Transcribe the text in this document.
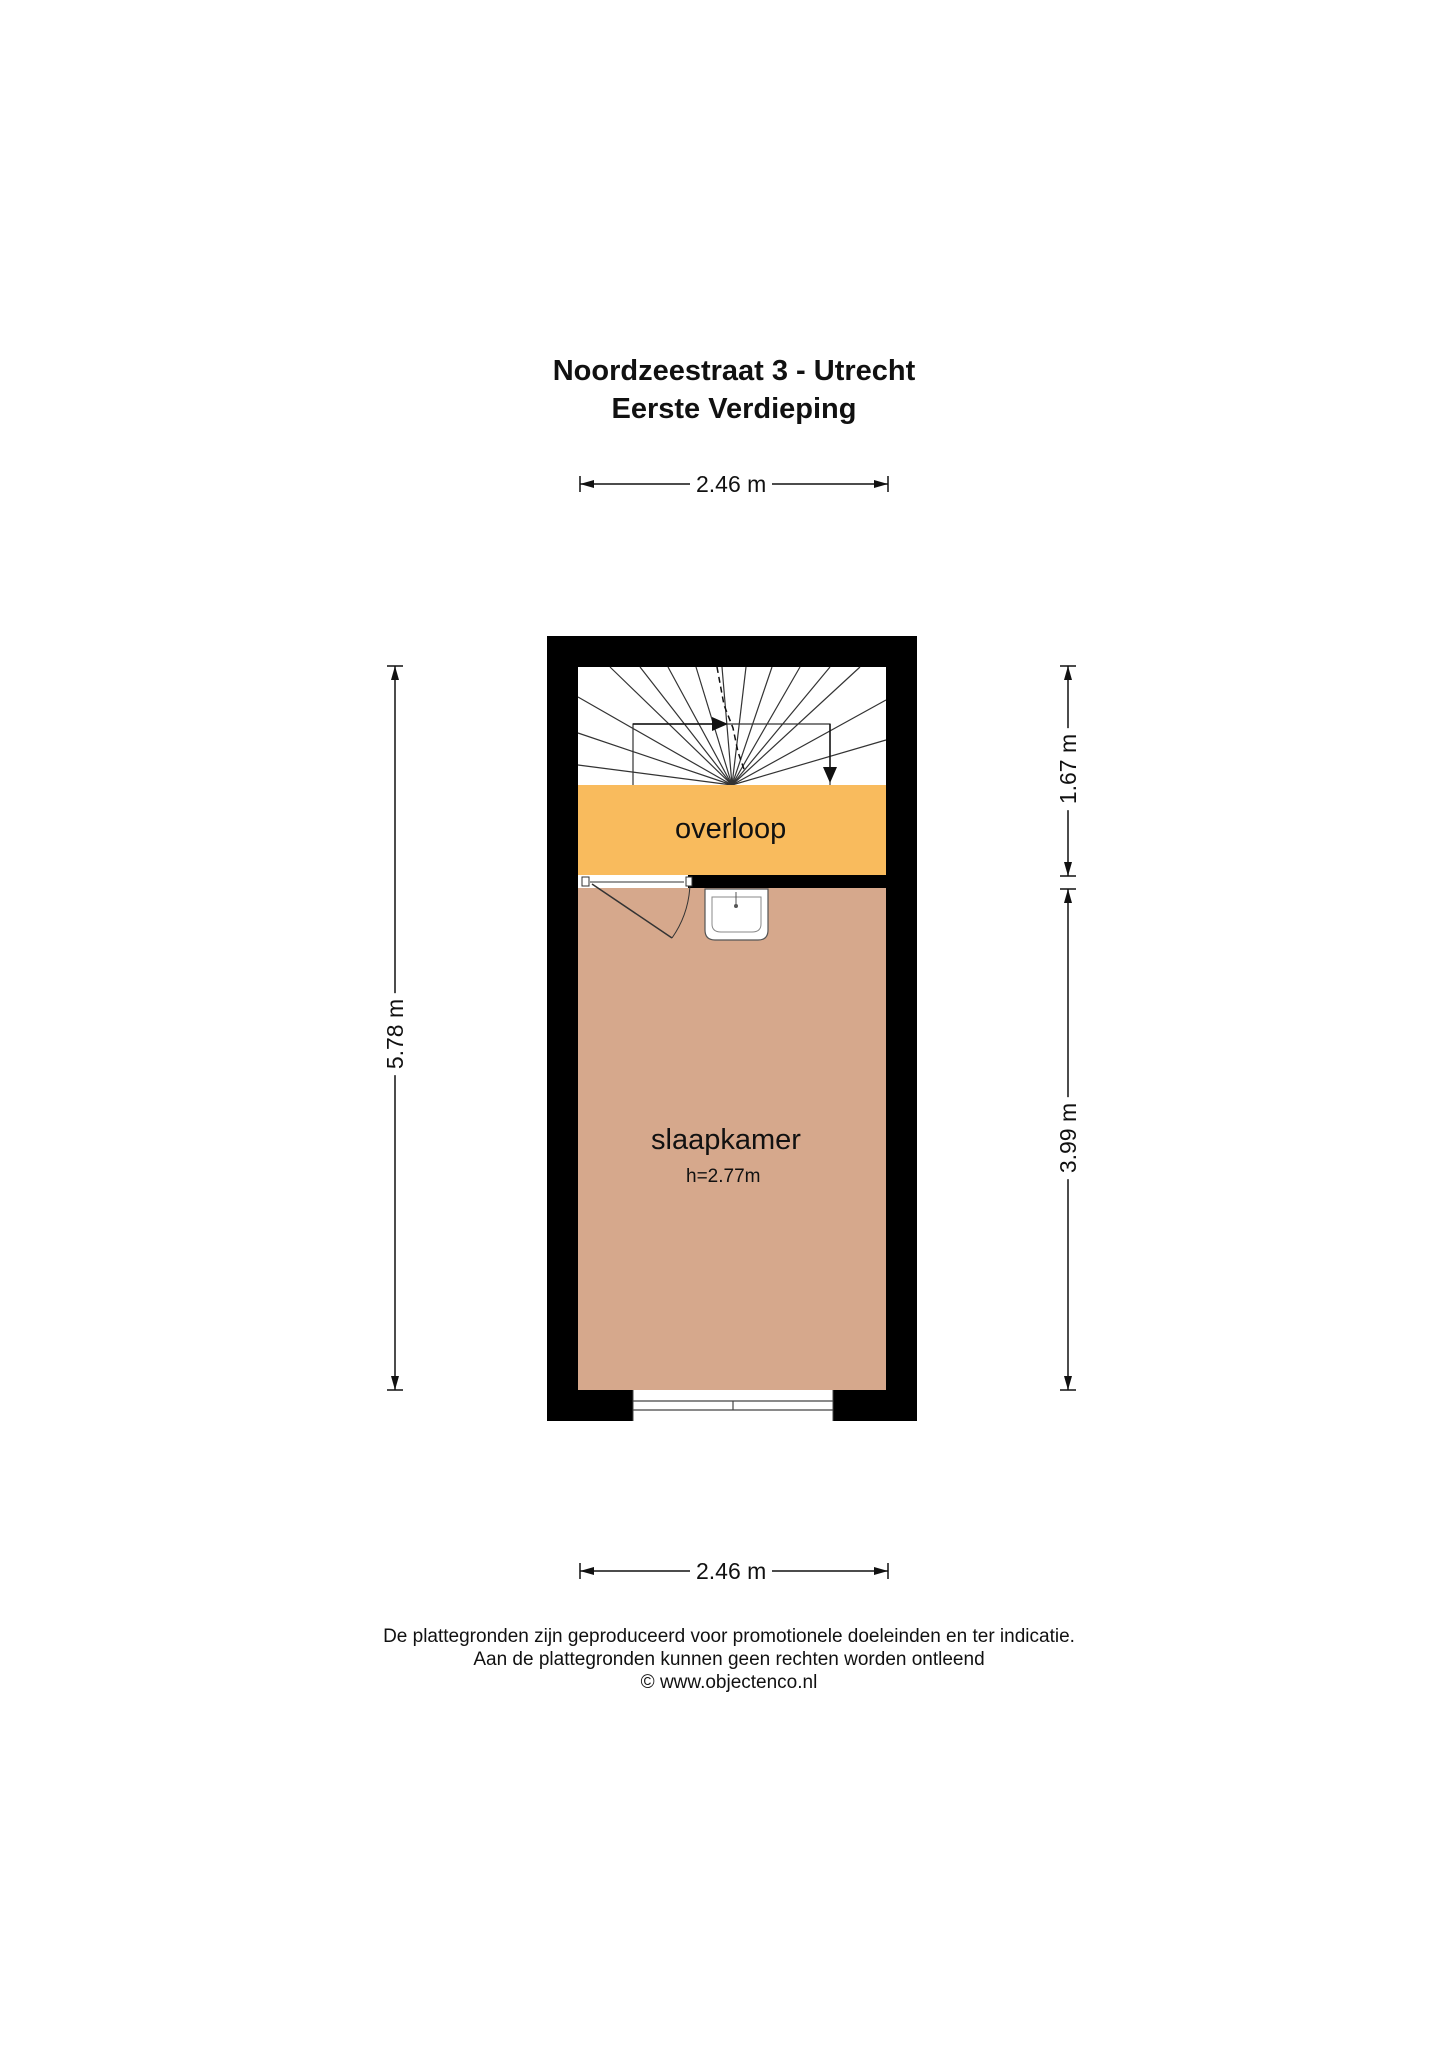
Noordzeestraat 3 - Utrecht
Eerste Verdieping
2.46 m
2.46 m
5.78 m
1.67 m
3.99 m
overloop
slaapkamer
h=2.77m
De plattegronden zijn geproduceerd voor promotionele doeleinden en ter indicatie.
Aan de plattegronden kunnen geen rechten worden ontleend
© www.objectenco.nl
